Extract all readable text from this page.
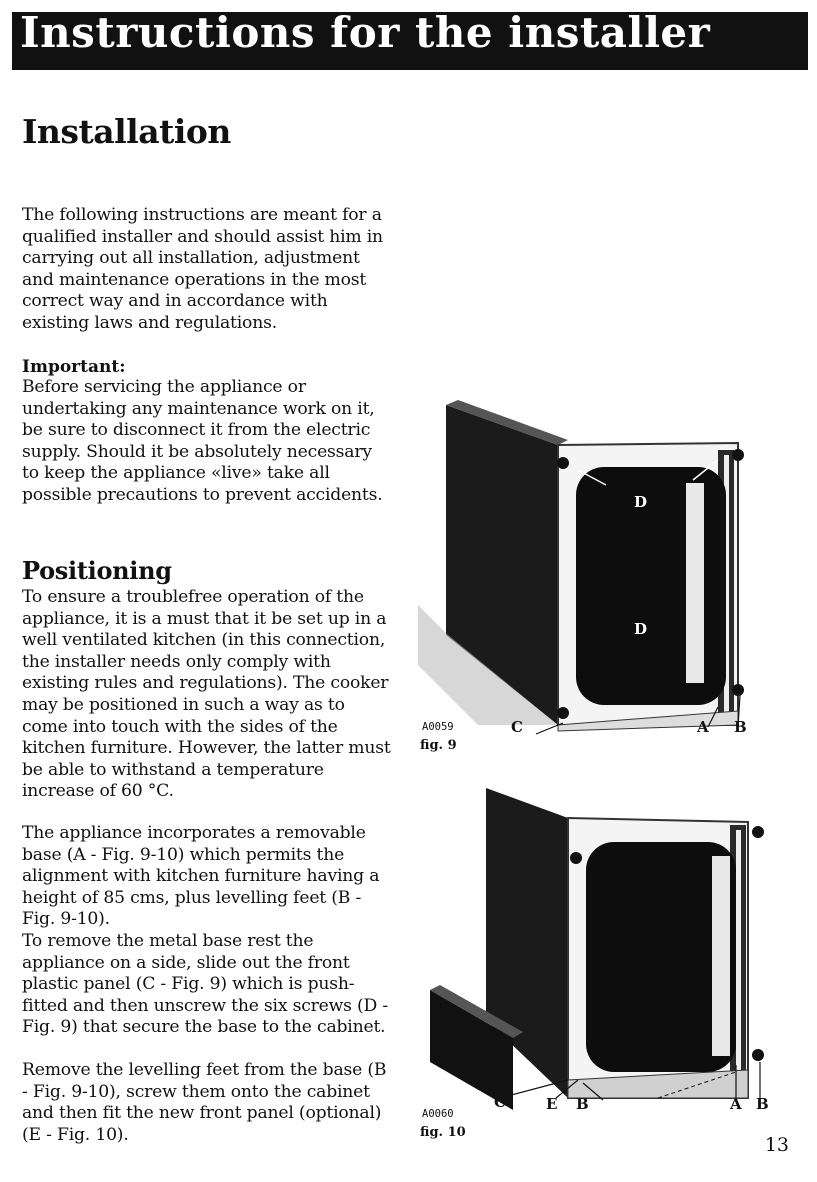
Instructions for the installer
Installation

The following instructions are meant for a qualified installer and should assist him in carrying out all installation, adjustment and maintenance operations in the most correct way and in accordance with existing laws and regulations.

Important:

Before servicing the appliance or undertaking any maintenance work on it, be sure to disconnect it from the electric supply. Should it be absolutely necessary to keep the appliance «live» take all possible precautions to prevent accidents.

Positioning

To ensure a troublefree operation of the appliance, it is a must that it be set up in a well ventilated kitchen (in this connection, the installer needs only comply with existing rules and regulations). The cooker may be positioned in such a way as to come into touch with the sides of the kitchen furniture. However, the latter must be able to withstand a temperature increase of 60 °C.

The appliance incorporates a removable base (A - Fig. 9-10) which permits the alignment with kitchen furniture having a height of 85 cms, plus levelling feet (B - Fig. 9-10).

To remove the metal base rest the appliance on a side, slide out the front plastic panel (C - Fig. 9) which is push-fitted and then unscrew the six screws (D - Fig. 9) that secure the base to the cabinet.

Remove the levelling feet from the base (B - Fig. 9-10), screw them onto the cabinet and then fit the new front panel (optional) (E - Fig. 10).

D
D
C	A B
A0059
fig. 9
C	E B	A B
A0060
fig. 10
13
